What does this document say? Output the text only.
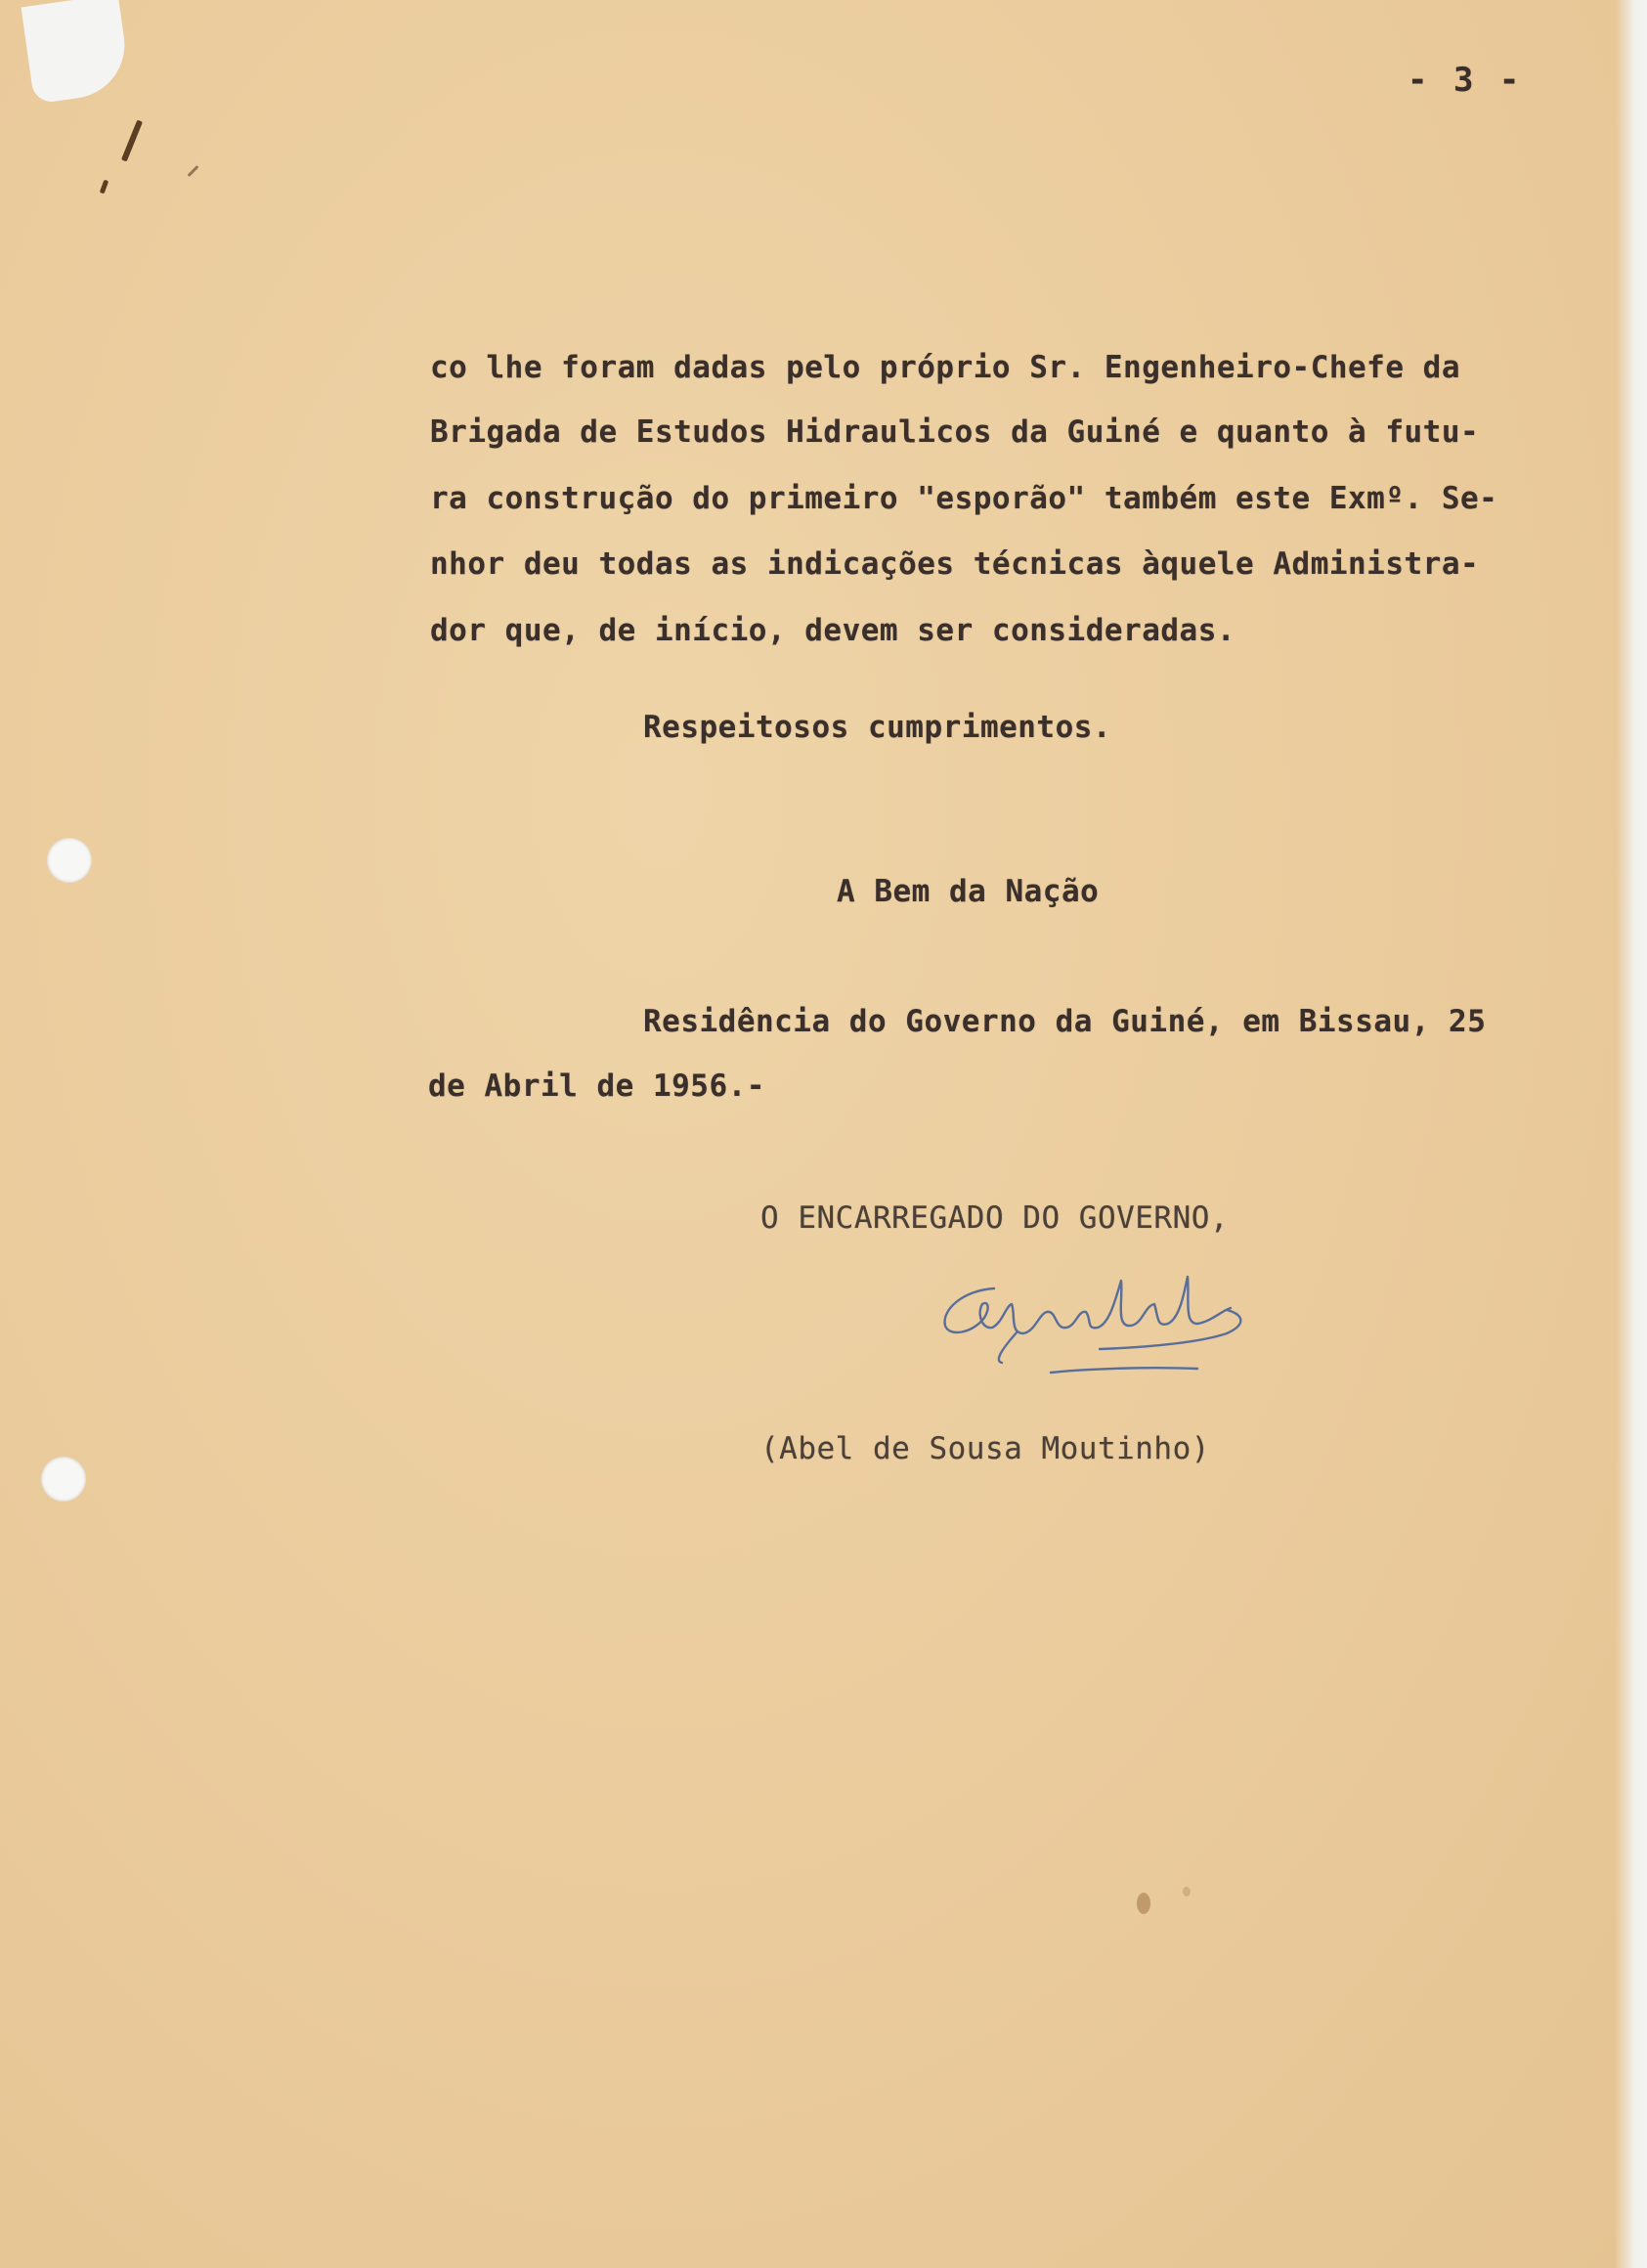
- 3 -
co lhe foram dadas pelo próprio Sr. Engenheiro-Chefe da
Brigada de Estudos Hidraulicos da Guiné e quanto à futu-
ra construção do primeiro "esporão" também este Exmº. Se-
nhor deu todas as indicações técnicas àquele Administra-
dor que, de início, devem ser consideradas.
Respeitosos cumprimentos.
A Bem da Nação
Residência do Governo da Guiné, em Bissau, 25
de Abril de 1956.-
O ENCARREGADO DO GOVERNO,
(Abel de Sousa Moutinho)
